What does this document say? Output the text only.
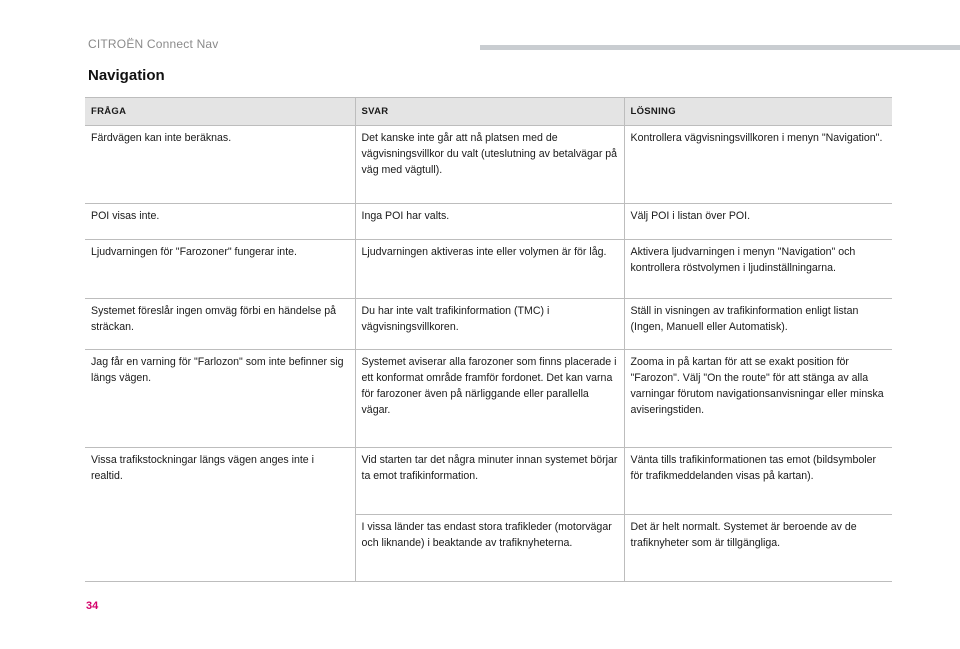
CITROËN Connect Nav
Navigation
FRÅGA	SVAR	LÖSNING
Färdvägen kan inte beräknas.	Det kanske inte går att nå platsen med de vägvisningsvillkor du valt (uteslutning av betalvägar på väg med vägtull).	Kontrollera vägvisningsvillkoren i menyn "Navigation".
POI visas inte.	Inga POI har valts.	Välj POI i listan över POI.
Ljudvarningen för "Farozoner" fungerar inte.	Ljudvarningen aktiveras inte eller volymen är för låg.	Aktivera ljudvarningen i menyn "Navigation" och kontrollera röstvolymen i ljudinställningarna.
Systemet föreslår ingen omväg förbi en händelse på sträckan.	Du har inte valt trafikinformation (TMC) i vägvisningsvillkoren.	Ställ in visningen av trafikinformation enligt listan (Ingen, Manuell eller Automatisk).
Jag får en varning för "Farlozon" som inte befinner sig längs vägen.	Systemet aviserar alla farozoner som finns placerade i ett konformat område framför fordonet. Det kan varna för farozoner även på närliggande eller parallella vägar.	Zooma in på kartan för att se exakt position för "Farozon". Välj "On the route" för att stänga av alla varningar förutom navigationsanvisningar eller minska aviseringstiden.
Vissa trafikstockningar längs vägen anges inte i realtid.	Vid starten tar det några minuter innan systemet börjar ta emot trafikinformation.	Vänta tills trafikinformationen tas emot (bildsymboler för trafikmeddelanden visas på kartan).
	I vissa länder tas endast stora trafikleder (motorvägar och liknande) i beaktande av trafiknyheterna.	Det är helt normalt. Systemet är beroende av de trafiknyheter som är tillgängliga.
34
